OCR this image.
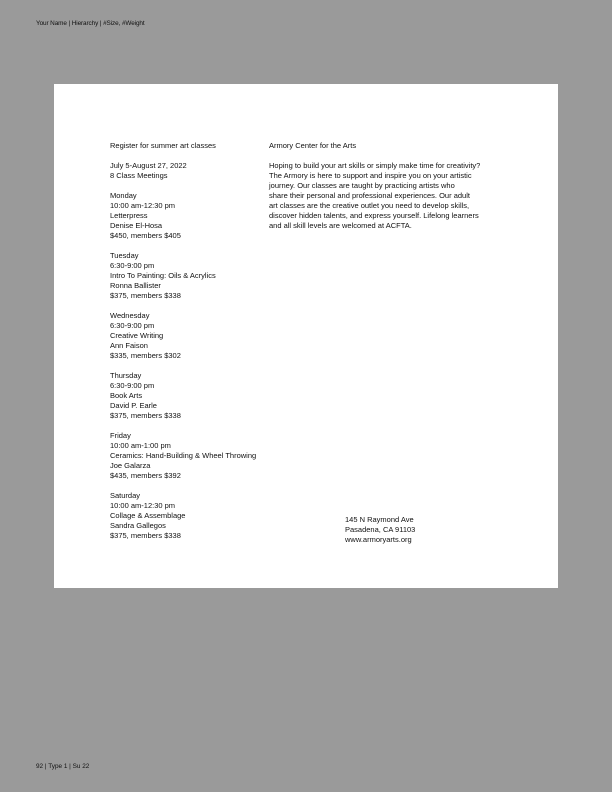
Your Name | Hierarchy | #Size, #Weight
Register for summer art classes
July 5-August 27, 2022
8 Class Meetings
Monday
10:00 am-12:30 pm
Letterpress
Denise El-Hosa
$450, members $405
Tuesday
6:30-9:00 pm
Intro To Painting: Oils & Acrylics
Ronna Ballister
$375, members $338
Wednesday
6:30-9:00 pm
Creative Writing
Ann Faison
$335, members $302
Thursday
6:30-9:00 pm
Book Arts
David P. Earle
$375, members $338
Friday
10:00 am-1:00 pm
Ceramics: Hand-Building & Wheel Throwing
Joe Galarza
$435, members $392
Saturday
10:00 am-12:30 pm
Collage & Assemblage
Sandra Gallegos
$375, members $338
Armory Center for the Arts
Hoping to build your art skills or simply make time for creativity?
The Armory is here to support and inspire you on your artistic
journey. Our classes are taught by practicing artists who
share their personal and professional experiences. Our adult
art classes are the creative outlet you need to develop skills,
discover hidden talents, and express yourself. Lifelong learners
and all skill levels are welcomed at ACFTA.
145 N Raymond Ave
Pasadena, CA 91103
www.armoryarts.org
92 | Type 1 | Su 22
